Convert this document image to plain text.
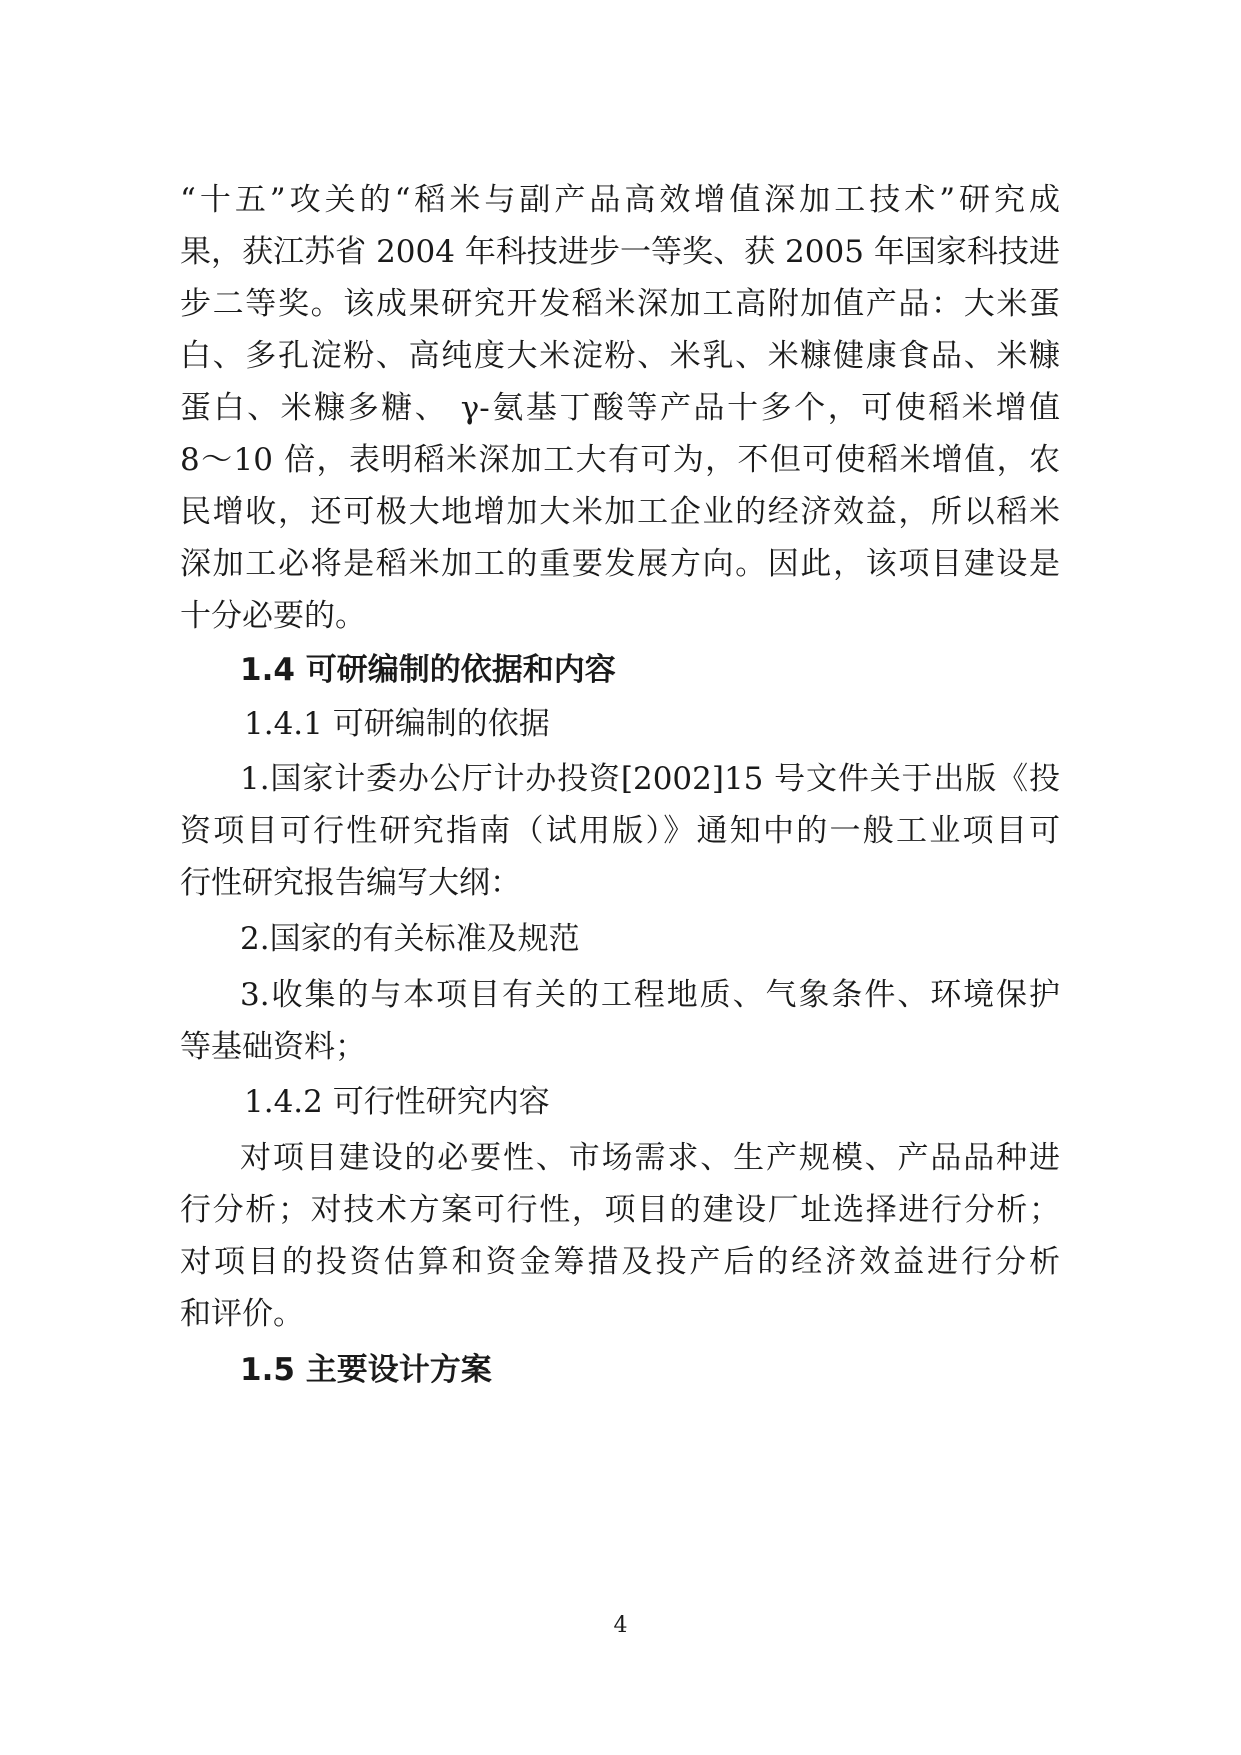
“十五”攻关的“稻米与副产品高效增值深加工技术”研究成
果，获江苏省 2004 年科技进步一等奖、获 2005 年国家科技进
步二等奖。该成果研究开发稻米深加工高附加值产品：大米蛋
白、多孔淀粉、高纯度大米淀粉、米乳、米糠健康食品、米糠
蛋白、米糠多糖、 γ-氨基丁酸等产品十多个，可使稻米增值
8～10 倍，表明稻米深加工大有可为，不但可使稻米增值，农
民增收，还可极大地增加大米加工企业的经济效益，所以稻米
深加工必将是稻米加工的重要发展方向。因此，该项目建设是
十分必要的。
1.4 可研编制的依据和内容
1.4.1 可研编制的依据
1.国家计委办公厅计办投资[2002]15 号文件关于出版《投
资项目可行性研究指南（试用版）》通知中的一般工业项目可
行性研究报告编写大纲：
2.国家的有关标准及规范
3.收集的与本项目有关的工程地质、气象条件、环境保护
等基础资料；
1.4.2 可行性研究内容
对项目建设的必要性、市场需求、生产规模、产品品种进
行分析；对技术方案可行性，项目的建设厂址选择进行分析；
对项目的投资估算和资金筹措及投产后的经济效益进行分析
和评价。
1.5 主要设计方案
4
